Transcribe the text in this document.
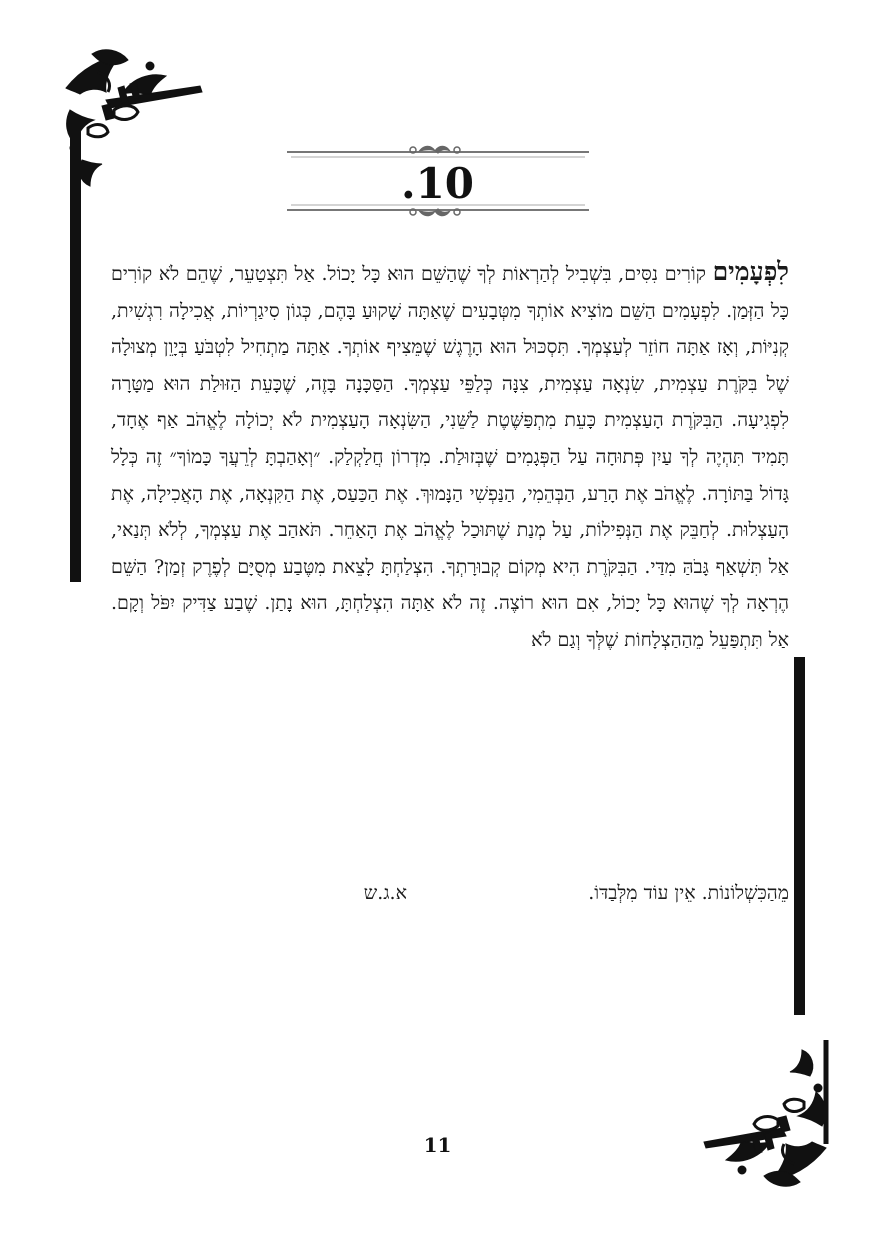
.10
לִפְעָמִים קוֹרִים נִסִּים, בִּשְׁבִיל לְהַרְאוֹת לְךָ שֶׁהַשֵּׁם הוּא כָּל יָכוֹל. אַל תִּצְטַעֵר, שֶׁהֵם לֹא קוֹרִים כָּל הַזְּמַן. לִפְעָמִים הַשֵּׁם מוֹצִיא אוֹתְךָ מִטְּבָעִים שֶׁאַתָּה שָׁקוּעַ בָּהֶם, כְּגוֹן סִיגַרְיוֹת, אֲכִילָה רִגְשִׁית, קְנִיּוֹת, וְאָז אַתָּה חוֹזֵר לְעַצְמְךָ. תִּסְכּוּל הוּא הָרֶגֶשׁ שֶׁמֵּצִיף אוֹתְךָ. אַתָּה מַתְחִיל לִטְבֹּעַ בְּיָוֵן מְצוּלָה שֶׁל בִּקֹּרֶת עַצְמִית, שִׂנְאָה עַצְמִית, צִנָּה כְּלַפֵּי עַצְמְךָ. הַסַּכָּנָה בָּזֶה, שֶׁכָּעֵת הַזּוּלַת הוּא מַטָּרָה לִפְגִיעָה. הַבִּקֹּרֶת הָעַצְמִית כָּעֵת מִתְפַּשֶּׁטֶת לַשֵּׁנִי, הַשִּׂנְאָה הָעַצְמִית לֹא יְכוֹלָה לֶאֱהֹב אַף אֶחָד, תָּמִיד תִּהְיֶה לְךָ עַיִן פְּתוּחָה עַל הַפְּגָמִים שֶׁבְּזוּלַת. מִדְרוֹן חֲלַקְלַק. ״וְאָהַבְתָּ לְרֵעֲךָ כָּמוֹךָ״ זֶה כְּלָל גָּדוֹל בַּתּוֹרָה. לֶאֱהֹב אֶת הָרַע, הַבְּהֵמִי, הַנַּפְשִׁי הַנָּמוּךְ. אֶת הַכַּעַס, אֶת הַקִּנְאָה, אֶת הָאֲכִילָה, אֶת הָעַצְלוּת. לְחַבֵּק אֶת הַנְּפִילוֹת, עַל מְנַת שֶׁתּוּכַל לֶאֱהֹב אֶת הָאַחֵר. תֹּאהַב אֶת עַצְמְךָ, לְלֹא תְּנַאי, אַל תִּשְׁאַף גָּבֹהַּ מִדַּי. הַבִּקֹּרֶת הִיא מְקוֹם קְבוּרָתְךָ. הִצְלַחְתָּ לָצֵאת מִטֶּבַע מְסֻיָּם לְפֶרֶק זְמַן? הַשֵּׁם הֶרְאָה לְךָ שֶׁהוּא כָּל יָכוֹל, אִם הוּא רוֹצֶה. זֶה לֹא אַתָּה הִצְלַחְתָּ, הוּא נָתַן. שֶׁבַע צַדִּיק יִפֹּל וְקָם. אַל תִּתְפַּעֵל מֵהַהַצְלָחוֹת שֶׁלְּךָ וְגַם לֹא
מֵהַכִּשְׁלוֹנוֹת. אֵין עוֹד מִלְּבַדּוֹ.
א.ג.ש
11
